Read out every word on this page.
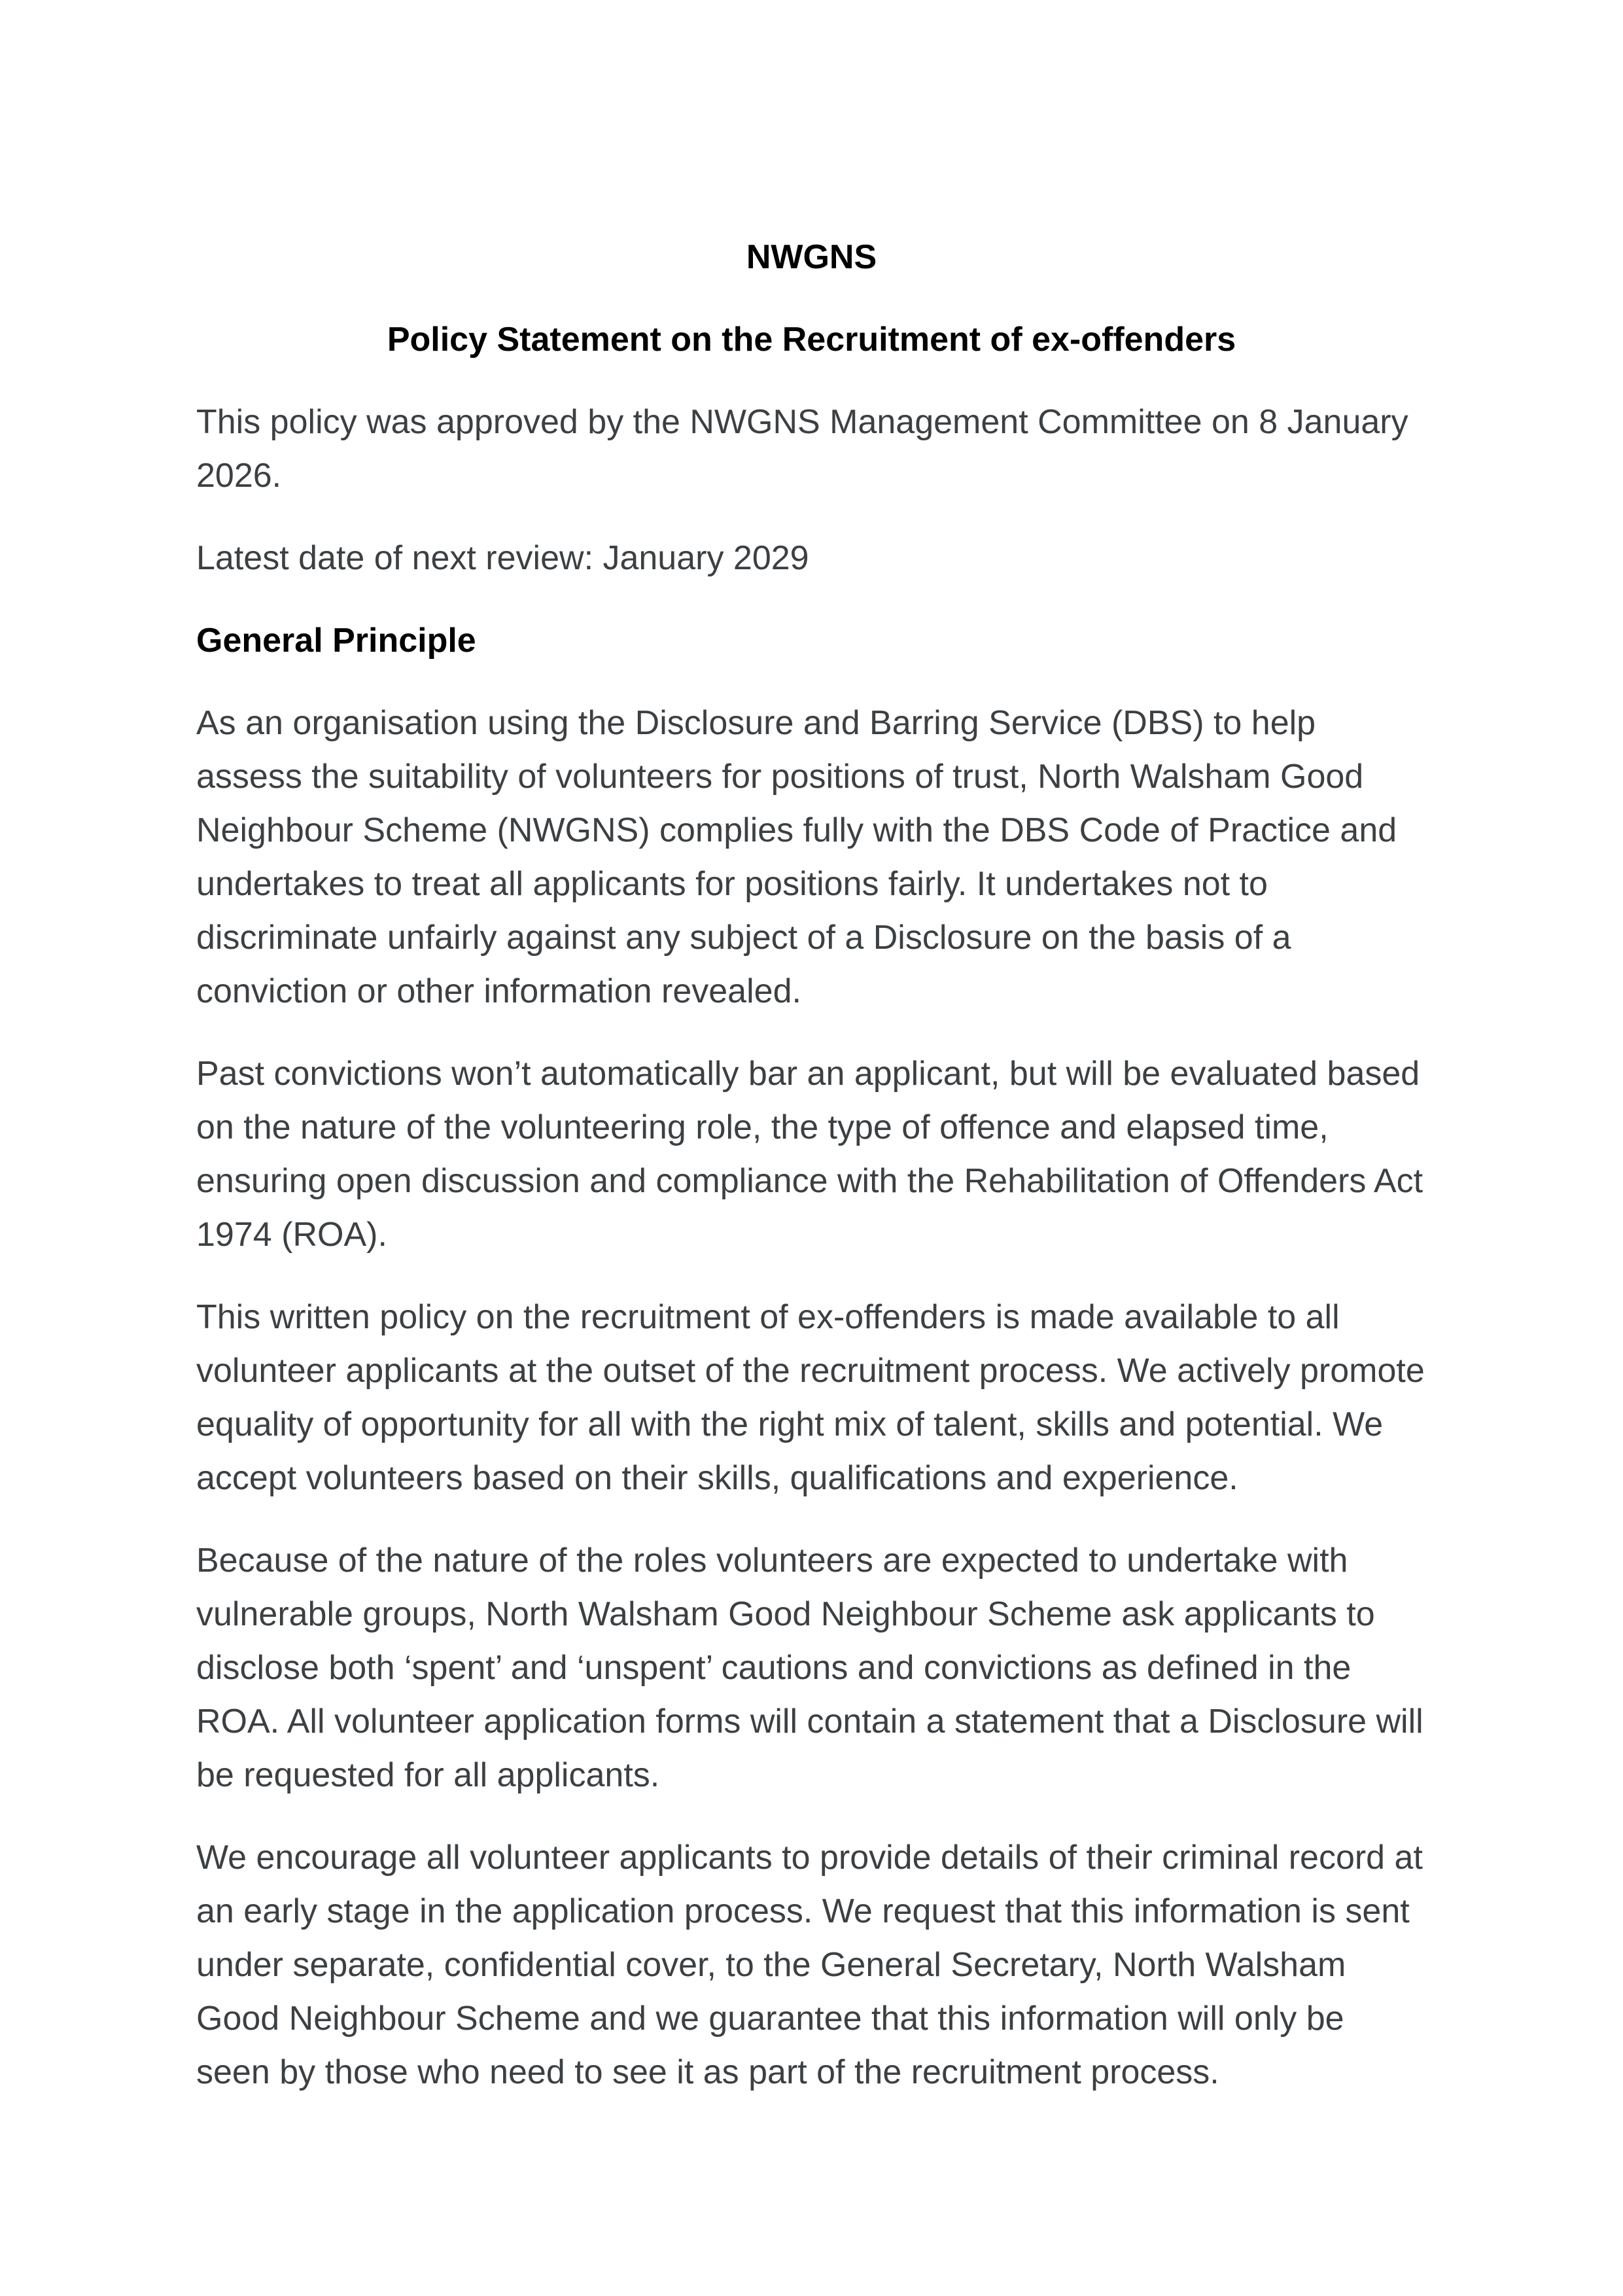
NWGNS
Policy Statement on the Recruitment of ex-offenders

This policy was approved by the NWGNS Management Committee on 8 January 2026.

Latest date of next review: January 2029

General Principle

As an organisation using the Disclosure and Barring Service (DBS) to help assess the suitability of volunteers for positions of trust, North Walsham Good Neighbour Scheme (NWGNS) complies fully with the DBS Code of Practice and undertakes to treat all applicants for positions fairly. It undertakes not to discriminate unfairly against any subject of a Disclosure on the basis of a conviction or other information revealed.

Past convictions won’t automatically bar an applicant, but will be evaluated based on the nature of the volunteering role, the type of offence and elapsed time, ensuring open discussion and compliance with the Rehabilitation of Offenders Act 1974 (ROA).

This written policy on the recruitment of ex-offenders is made available to all volunteer applicants at the outset of the recruitment process. We actively promote equality of opportunity for all with the right mix of talent, skills and potential. We accept volunteers based on their skills, qualifications and experience.

Because of the nature of the roles volunteers are expected to undertake with vulnerable groups, North Walsham Good Neighbour Scheme ask applicants to disclose both ‘spent’ and ‘unspent’ cautions and convictions as defined in the ROA. All volunteer application forms will contain a statement that a Disclosure will be requested for all applicants.

We encourage all volunteer applicants to provide details of their criminal record at an early stage in the application process. We request that this information is sent under separate, confidential cover, to the General Secretary, North Walsham Good Neighbour Scheme and we guarantee that this information will only be seen by those who need to see it as part of the recruitment process.
